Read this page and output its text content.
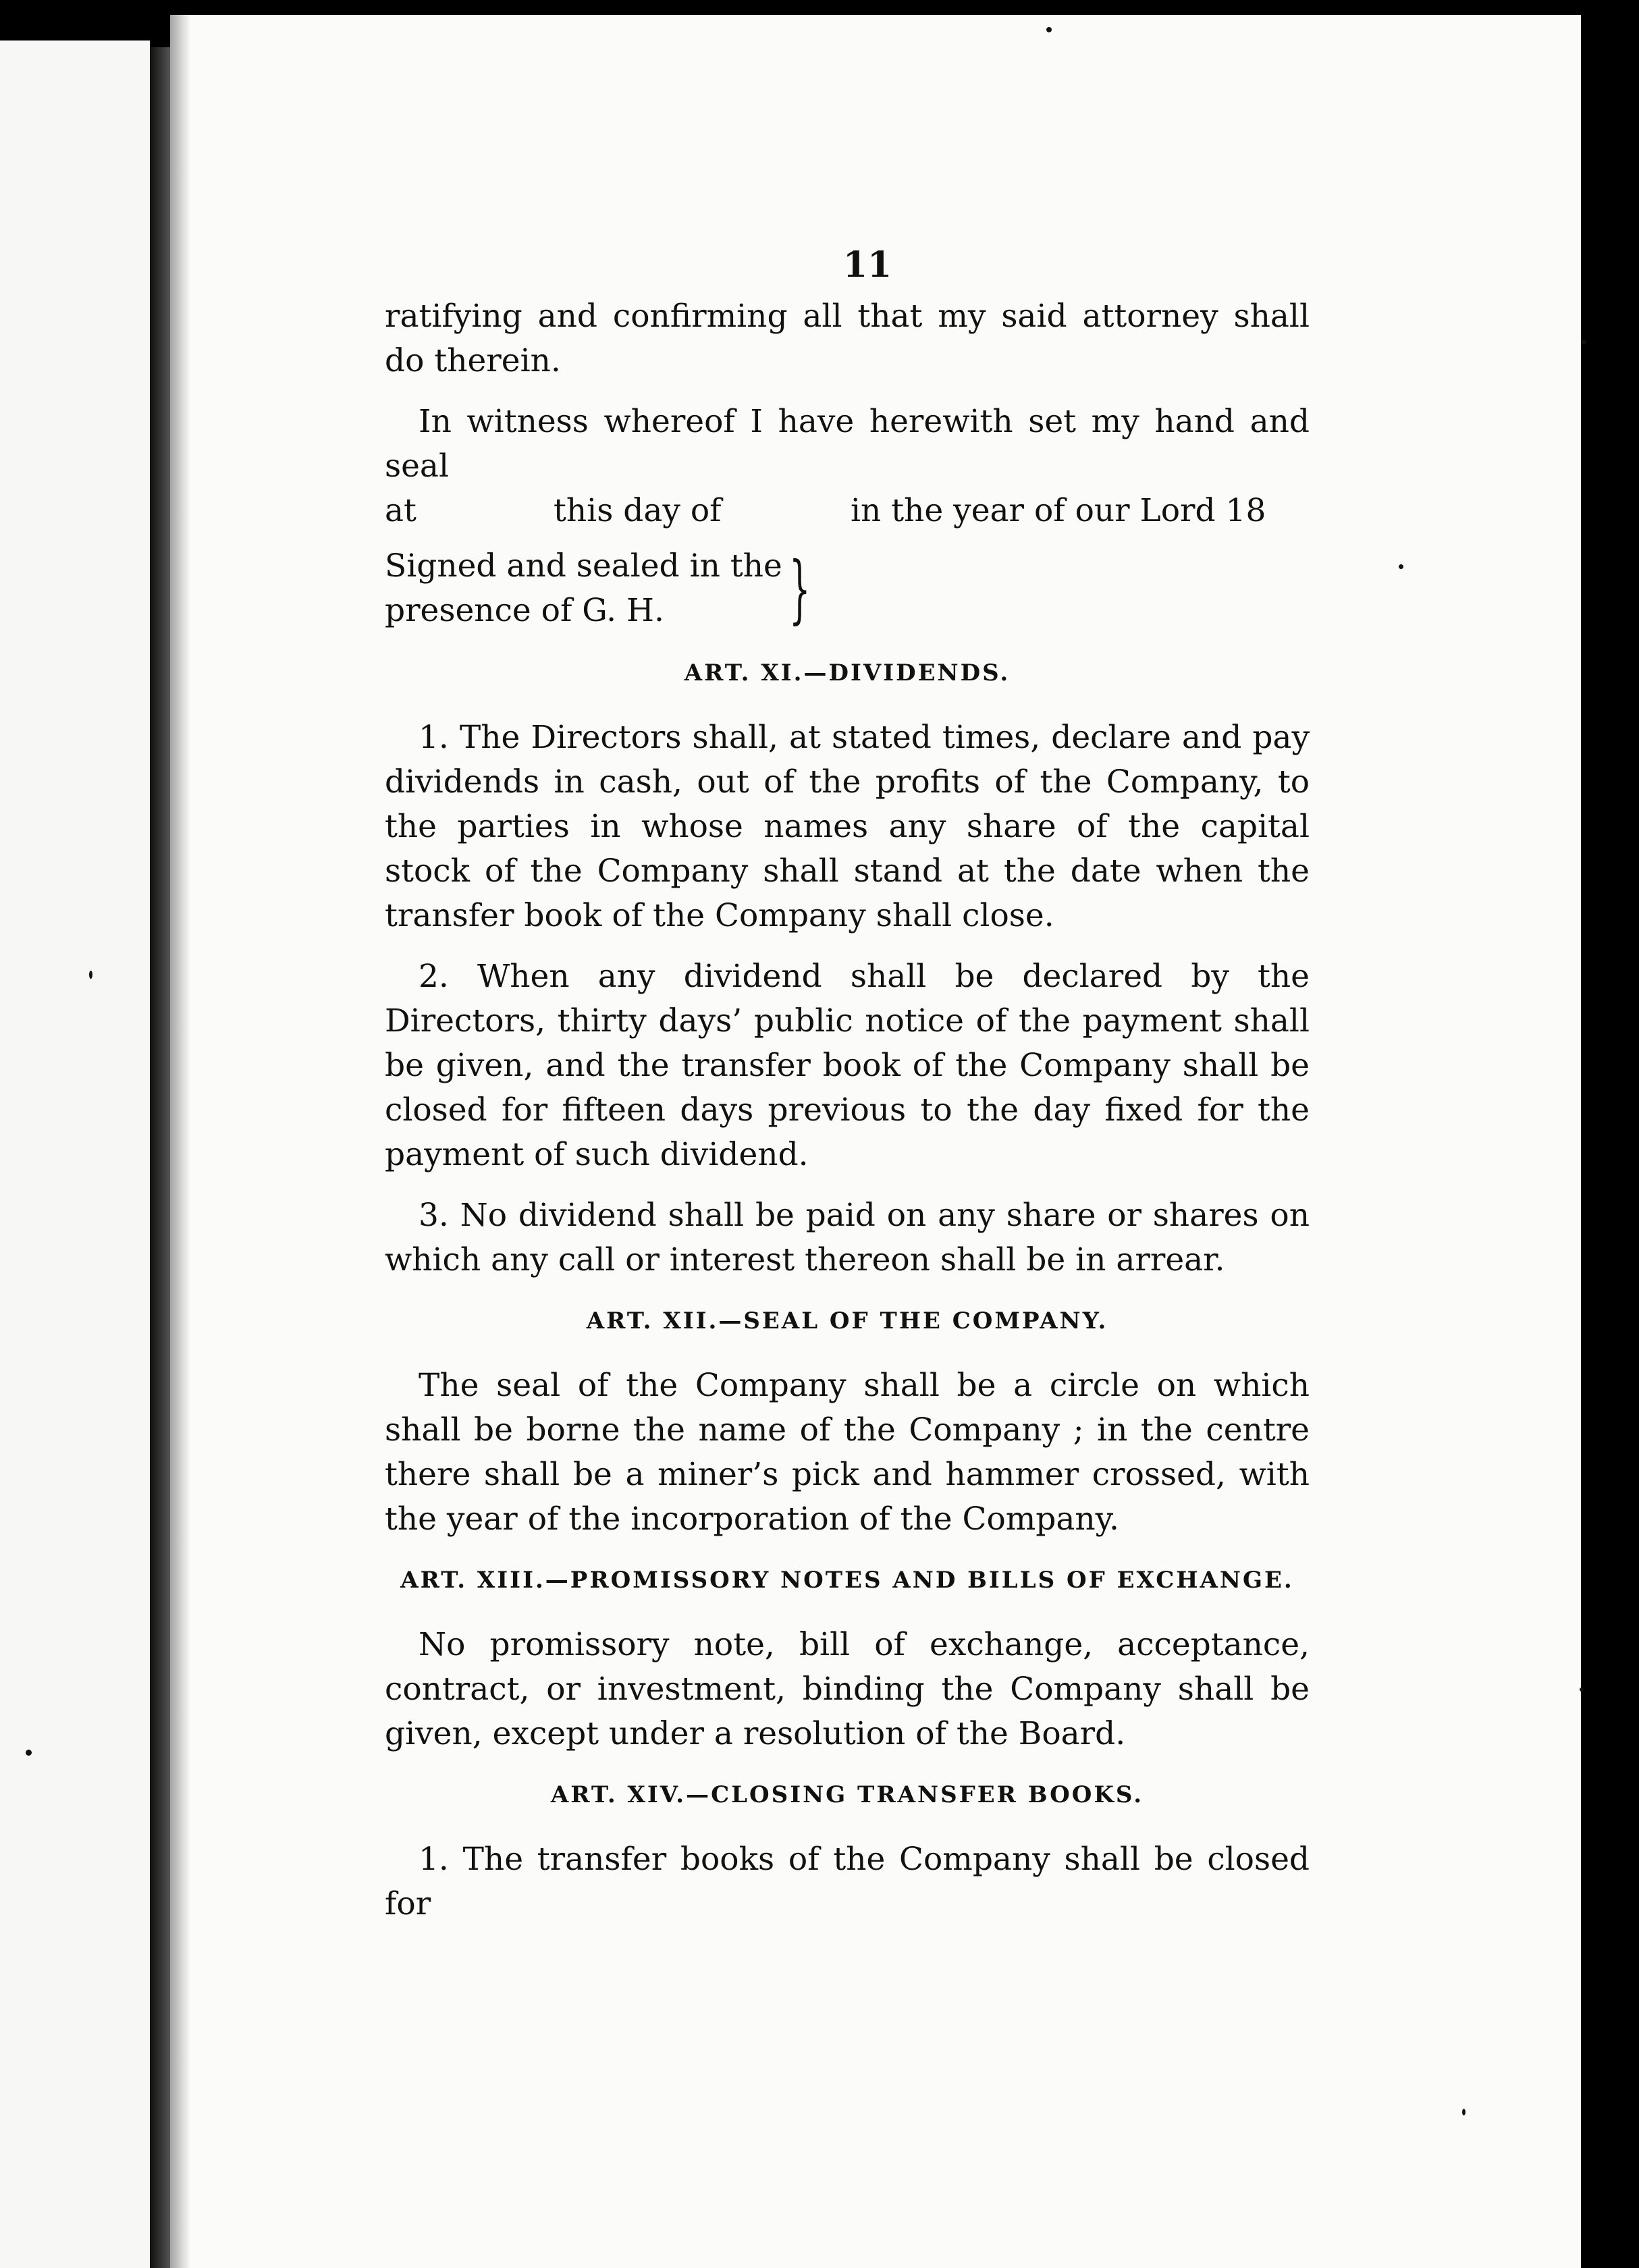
11

ratifying and confirming all that my said attorney shall do therein.

In witness whereof I have herewith set my hand and seal

at	this day of	in the year of our Lord 18
Signed and sealed in the
presence of G. H.	}
ART. XI.—DIVIDENDS.

1. The Directors shall, at stated times, declare and pay dividends in cash, out of the profits of the Company, to the parties in whose names any share of the capital stock of the Company shall stand at the date when the transfer book of the Company shall close.

2. When any dividend shall be declared by the Directors, thirty days’ public notice of the payment shall be given, and the transfer book of the Company shall be closed for fifteen days previous to the day fixed for the payment of such dividend.

3. No dividend shall be paid on any share or shares on which any call or interest thereon shall be in arrear.

ART. XII.—SEAL OF THE COMPANY.

The seal of the Company shall be a circle on which shall be borne the name of the Company ; in the centre there shall be a miner’s pick and hammer crossed, with the year of the incorporation of the Company.

ART. XIII.—PROMISSORY NOTES AND BILLS OF EXCHANGE.

No promissory note, bill of exchange, acceptance, contract, or investment, binding the Company shall be given, except under a resolution of the Board.

ART. XIV.—CLOSING TRANSFER BOOKS.

1. The transfer books of the Company shall be closed for
